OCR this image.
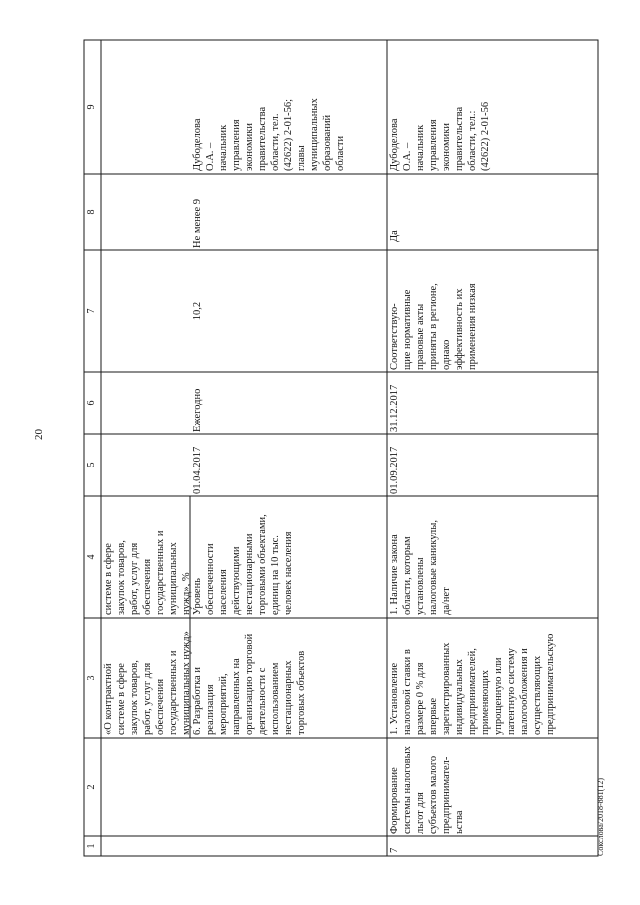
20
Сокслова/2018-881(12)
1
2
3
4
5
6
7
8
9
«О контрактной
системе в сфере
закупок товаров,
работ, услуг для
обеспечения
государственных и
муниципальных нужд»
системе в сфере
закупок товаров,
работ, услуг для
обеспечения
государственных и
муниципальных
нужд», %
6. Разработка и
реализация
мероприятий,
направленных на
организацию торговой
деятельности с
использованием
нестационарных
торговых объектов
Уровень
обеспеченности
населения
действующими
нестационарными
торговыми объектами,
единиц на 10 тыс.
человек населения
01.04.2017
Ежегодно
10,2
Не менее 9
Дубоделова
О.А. –
начальник
управления
экономики
правительства
области, тел.
(42622) 2-01-56;
главы
муниципальных
образований
области
7
Формирование
системы налоговых
льгот для
субъектов малого
предпринимател-
ьства
1. Установление
налоговой ставки в
размере 0 % для
впервые
зарегистрированных
индивидуальных
предпринимателей,
применяющих
упрощенную или
патентную систему
налогообложения и
осуществляющих
предпринимательскую
1. Наличие закона
области, которым
установлены
налоговые каникулы,
да/нет
01.09.2017
31.12.2017
Соответствую-
щие нормативные
правовые акты
приняты в регионе,
однако
эффективность их
применения низкая
Да
Дубоделова
О.А. –
начальник
управления
экономики
правительства
области, тел.:
(42622) 2-01-56
